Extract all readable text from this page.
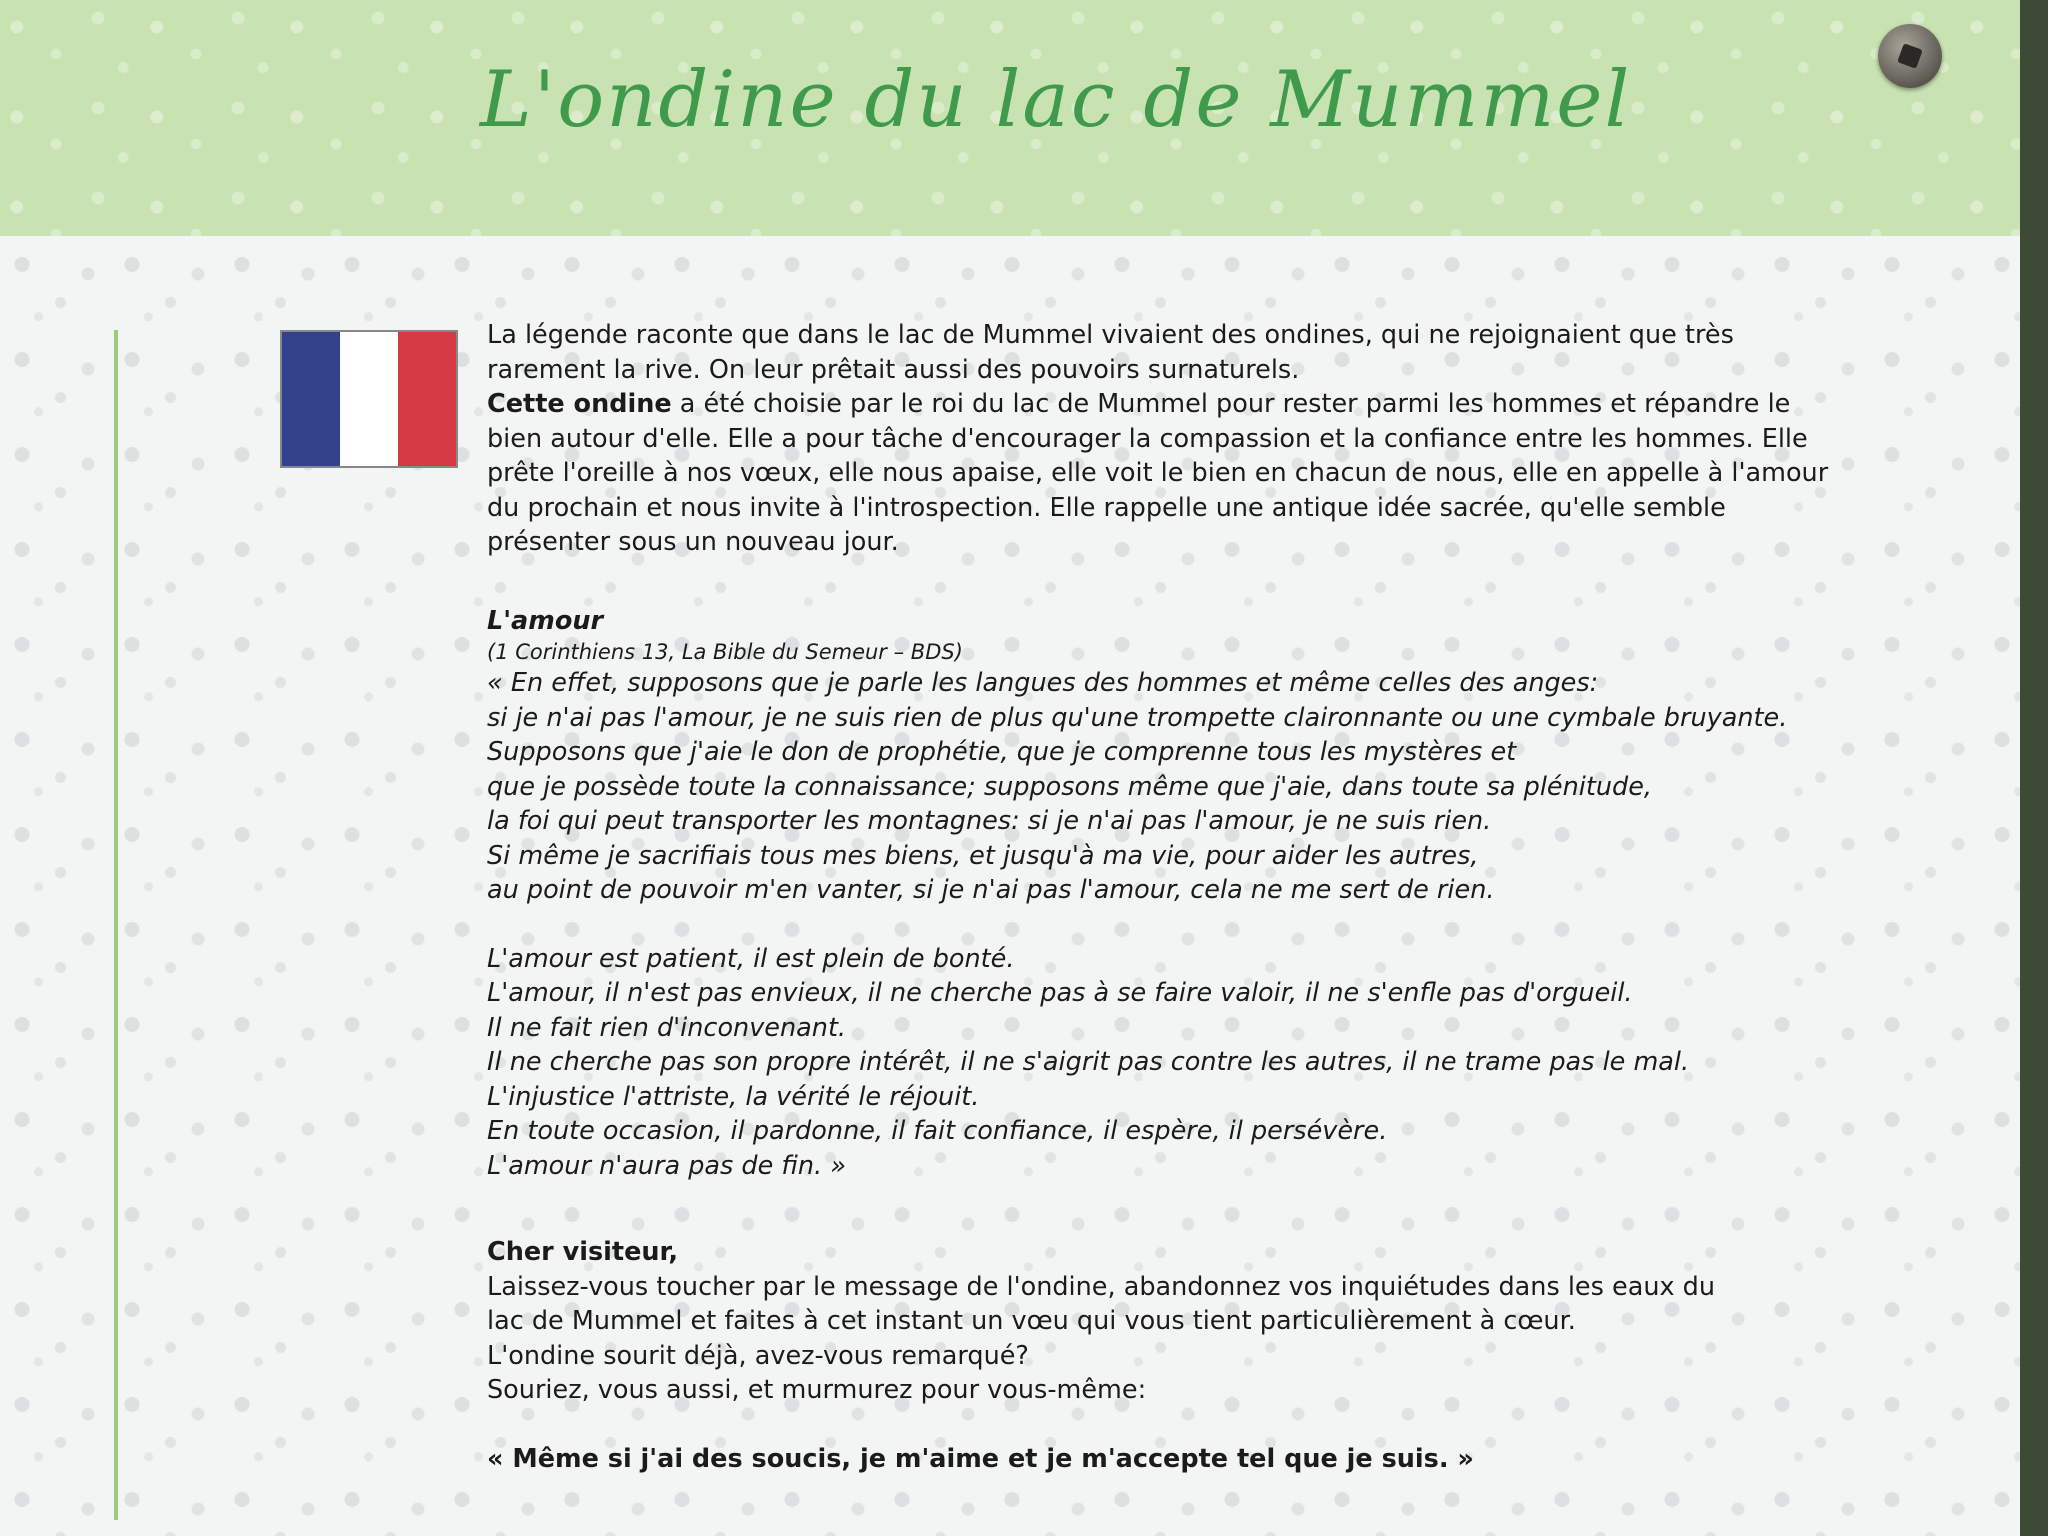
L'ondine du lac de Mummel

La légende raconte que dans le lac de Mummel vivaient des ondines, qui ne rejoignaient que très rarement la rive. On leur prêtait aussi des pouvoirs surnaturels.
Cette ondine a été choisie par le roi du lac de Mummel pour rester parmi les hommes et répandre le bien autour d'elle. Elle a pour tâche d'encourager la compassion et la confiance entre les hommes. Elle prête l'oreille à nos vœux, elle nous apaise, elle voit le bien en chacun de nous, elle en appelle à l'amour du prochain et nous invite à l'introspection. Elle rappelle une antique idée sacrée, qu'elle semble présenter sous un nouveau jour.

L'amour

(1 Corinthiens 13, La Bible du Semeur – BDS)

« En effet, supposons que je parle les langues des hommes et même celles des anges:
si je n'ai pas l'amour, je ne suis rien de plus qu'une trompette claironnante ou une cymbale bruyante.
Supposons que j'aie le don de prophétie, que je comprenne tous les mystères et
que je possède toute la connaissance; supposons même que j'aie, dans toute sa plénitude,
la foi qui peut transporter les montagnes: si je n'ai pas l'amour, je ne suis rien.
Si même je sacrifiais tous mes biens, et jusqu'à ma vie, pour aider les autres,
au point de pouvoir m'en vanter, si je n'ai pas l'amour, cela ne me sert de rien.

L'amour est patient, il est plein de bonté.
L'amour, il n'est pas envieux, il ne cherche pas à se faire valoir, il ne s'enfle pas d'orgueil.
Il ne fait rien d'inconvenant.
Il ne cherche pas son propre intérêt, il ne s'aigrit pas contre les autres, il ne trame pas le mal.
L'injustice l'attriste, la vérité le réjouit.
En toute occasion, il pardonne, il fait confiance, il espère, il persévère.
L'amour n'aura pas de fin. »

Cher visiteur,

Laissez-vous toucher par le message de l'ondine, abandonnez vos inquiétudes dans les eaux du
lac de Mummel et faites à cet instant un vœu qui vous tient particulièrement à cœur.
L'ondine sourit déjà, avez-vous remarqué?
Souriez, vous aussi, et murmurez pour vous-même:

« Même si j'ai des soucis, je m'aime et je m'accepte tel que je suis. »
